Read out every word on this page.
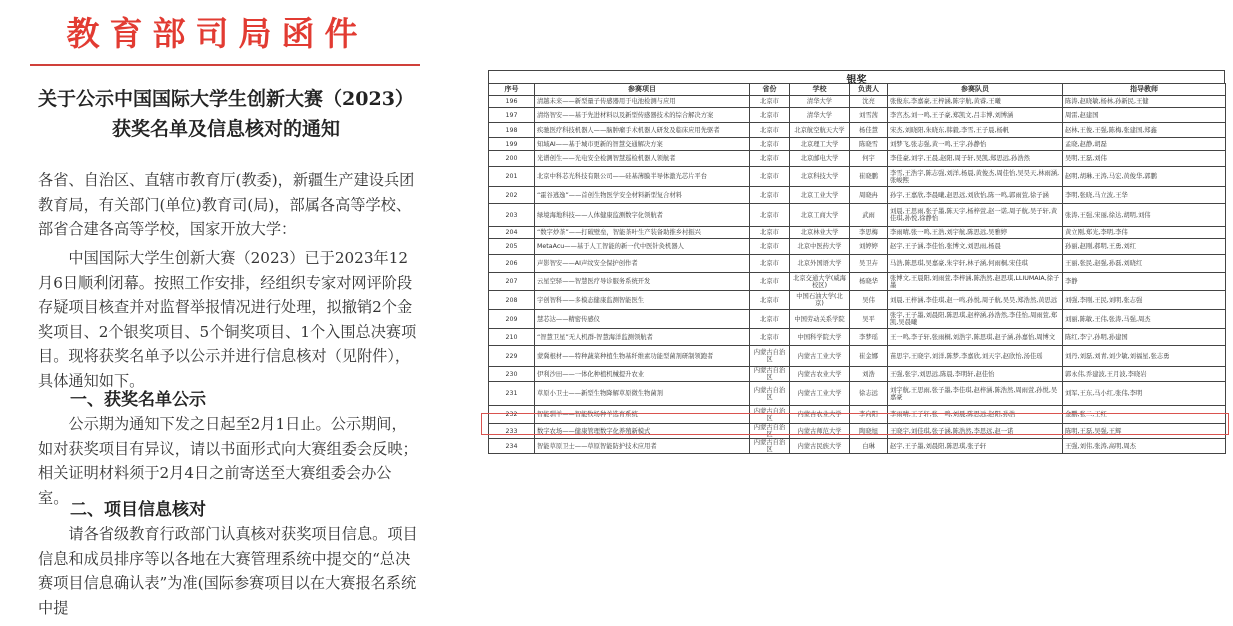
教育部司局函件
关于公示中国国际大学生创新大赛（2023）
获奖名单及信息核对的通知
各省、自治区、直辖市教育厅(教委)，新疆生产建设兵团教育局，有关部门(单位)教育司(局)，部属各高等学校、部省合建各高等学校，国家开放大学：
中国国际大学生创新大赛（2023）已于2023年12月6日顺利闭幕。按照工作安排，经组织专家对网评阶段存疑项目核查并对监督举报情况进行处理，拟撤销2个金奖项目、2个银奖项目、5个铜奖项目、1个入围总决赛项目。现将获奖名单予以公示并进行信息核对（见附件），具体通知如下。
一、获奖名单公示
公示期为通知下发之日起至2月1日止。公示期间，如对获奖项目有异议，请以书面形式向大赛组委会反映；相关证明材料须于2月4日之前寄送至大赛组委会办公室。
二、项目信息核对
请各省级教育行政部门认真核对获奖项目信息。项目信息和成员排序等以各地在大赛管理系统中提交的“总决赛项目信息确认表”为准(国际参赛项目以在大赛报名系统中提
银奖
序号	参赛项目	省份	学校	负责人	参赛队员	指导教师
196	清越未来——新型量子传感器用于电池检测与应用	北京市	清华大学	沈亮	张俊东,李嘉豪,王梓涵,陈宇航,黄睿,王曦	陈涛,赵晓敏,杨林,孙新民,王健
197	清络智安——基于先进材料以及新型传感器技术的综合解决方案	北京市	清华大学	刘雪茜	李宫杰,刘一鸣,王子豪,郑凯文,吕丰博,刘博涵	周雷,赵建国
198	疾驰医疗科技机器人——脑肿瘤手术机器人研发及临床应用先驱者	北京市	北京航空航天大学	杨佳慧	宋杰,刘晓阳,朱晓东,韩毅,李雪,王子晨,杨帆	赵林,王俊,王强,陈梅,张建国,郑鑫
199	知域AI——基于城市更新的智慧交通解决方案	北京市	北京理工大学	陈晓雪	刘梦飞,张志强,黄一鸣,王宇,孙静怡	孟晓,赵静,胡磊
200	光谱创生——光电安全检测智慧巡检机器人领航者	北京市	北京邮电大学	何宇	李佳豪,刘宇,王晨,赵阳,周子轩,吴凯,郑思远,孙浩然	吴明,王磊,刘伟
201	北京中科芯光科技有限公司——硅基薄膜半导体激光芯片平台	北京市	北京科技大学	崔晓鹏	李雪,王浩宇,陈志强,刘洋,杨晨,黄俊杰,周佳怡,吴昊天,林雨涵,张峻熙	赵明,胡琳,王涛,马宏,黄俊华,郭鹏
202	“霍谷逃逸”——首创生物医学安全材料新型复合材料	北京市	北京工业大学	周晓冉	孙宇,王嘉欣,李晨曦,赵思远,刘欣怡,陈一鸣,郭雨萱,徐子涵	李明,张晓,马立波,王华
203	绿境海地科技——人体健康监测数字化领航者	北京市	北京工商大学	武雨	刘晨,王思雨,张子墨,陈天宇,杨梓萱,赵一诺,周子航,吴子轩,黄佳琪,孙悦,徐静怡	张涛,王强,宋丽,徐达,胡明,刘伟
204	“数字炒茶”——打破壁垒，智能茶叶生产装备助推乡村振兴	北京市	北京林业大学	李思梅	李雨晴,张一鸣,王浩,刘宇航,陈思远,吴雅婷	黄立刚,郑光,李明,李伟
205	MetaAcu——基于人工智能的新一代中医针灸机器人	北京市	北京中医药大学	刘婷婷	赵宇,王子涵,李佳怡,张博文,刘思雨,杨晨	孙丽,赵刚,郝明,王勇,刘红
206	声影智安——AI声纹安全保护创作者	北京市	北京外国语大学	吴卫卉	马浩,陈思琪,吴嘉豪,朱宇轩,林子涵,何雨桐,宋佳琪	王丽,张民,赵强,孙磊,刘晓红
207	云星空驿——智慧医疗导诊服务系统开发	北京市	北京交通大学(威海校区)	杨晓华	张博文,王晨阳,刘雨萱,李梓涵,陈浩然,赵思琪,LLIUMAIA,徐子墨	李静
208	宇创智科——多模态健康监测智能医生	北京市	中国石油大学(北京)	吴伟	刘晨,王梓涵,李佳琪,赵一鸣,孙悦,周子航,吴昊,郑浩然,黄思远	刘强,李刚,王民,刘明,张志强
209	慧芯达——精密传感仪	北京市	中国劳动关系学院	吴平	张宇,王子墨,刘晨阳,陈思琪,赵梓涵,孙浩然,李佳怡,周雨萱,郑凯,吴晨曦	刘丽,陈敏,王伟,张涛,马强,周杰
210	“智慧卫星”无人机群-智慧海洋监测领航者	北京市	中国科学院大学	李梦瑶	王一鸣,李子轩,张雨桐,刘浩宇,陈思琪,赵子涵,孙嘉怡,周博文	陈红,李宁,孙明,孙建国
229	蒙冀根材——特种蔬菜种植生物基纤维素功能型菌剂研制领跑者	内蒙古自治区	内蒙古工业大学	崔金娜	苗思宇,王晓宇,刘洋,陈梦,李嘉欣,刘天宇,赵欣怡,汤佳瑶	刘丹,刘磊,刘青,刘少敏,刘福星,张志勇
230	伊利沙田——一体化种植机械提升农业	内蒙古自治区	内蒙古农业大学	刘浩	王强,张宇,刘思远,陈晨,李明轩,赵佳怡	郭永伟,乔建波,王月波,李晓岩
231	草原小卫士——新型生物降解草原微生物菌剂	内蒙古自治区	内蒙古工业大学	徐志远	刘宇航,王思雨,张子墨,李佳琪,赵梓涵,陈浩然,周雨萱,孙悦,吴嘉豪	刘军,王东,马小红,张伟,李明
232	智能驯羊——智能牧场种羊选育系统	内蒙古自治区	内蒙古农业大学	李向阳	李雨晴,王子轩,张一鸣,刘晨,陈思远,赵阳,孙浩	金鹏,张二,王红
233	数字农场——健康管理数字化养殖新模式	内蒙古自治区	内蒙古师范大学	陶晓旭	王晓宇,刘佳琪,张子涵,陈浩然,李思远,赵一诺	陈明,王磊,吴强,王辉
234	智能草原卫士——草原智能防护技术应用者	内蒙古自治区	内蒙古民族大学	白琳	赵宇,王子墨,刘晨阳,陈思琪,张子轩	王强,刘伟,张涛,高明,周杰
